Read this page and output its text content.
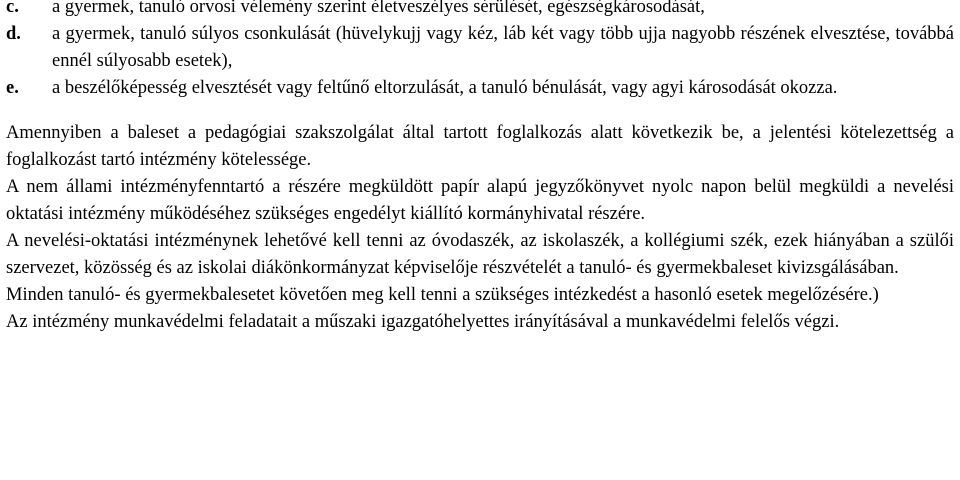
c. a gyermek, tanuló orvosi vélemény szerint életveszélyes sérülését, egészségkárosodását,
d. a gyermek, tanuló súlyos csonkulását (hüvelykujj vagy kéz, láb két vagy több ujja nagyobb részének elvesztése, továbbá ennél súlyosabb esetek),
e. a beszélőképesség elvesztését vagy feltűnő eltorzulását, a tanuló bénulását, vagy agyi károsodását okozza.

Amennyiben a baleset a pedagógiai szakszolgálat által tartott foglalkozás alatt következik be, a jelentési kötelezettség a foglalkozást tartó intézmény kötelessége.

A nem állami intézményfenntartó a részére megküldött papír alapú jegyzőkönyvet nyolc napon belül megküldi a nevelési oktatási intézmény működéséhez szükséges engedélyt kiállító kormányhivatal részére.

A nevelési-oktatási intézménynek lehetővé kell tenni az óvodaszék, az iskolaszék, a kollégiumi szék, ezek hiányában a szülői szervezet, közösség és az iskolai diákönkormányzat képviselője részvételét a tanuló- és gyermekbaleset kivizsgálásában.

Minden tanuló- és gyermekbalesetet követően meg kell tenni a szükséges intézkedést a hasonló esetek megelőzésére.)

Az intézmény munkavédelmi feladatait a műszaki igazgatóhelyettes irányításával a munkavédelmi felelős végzi.
